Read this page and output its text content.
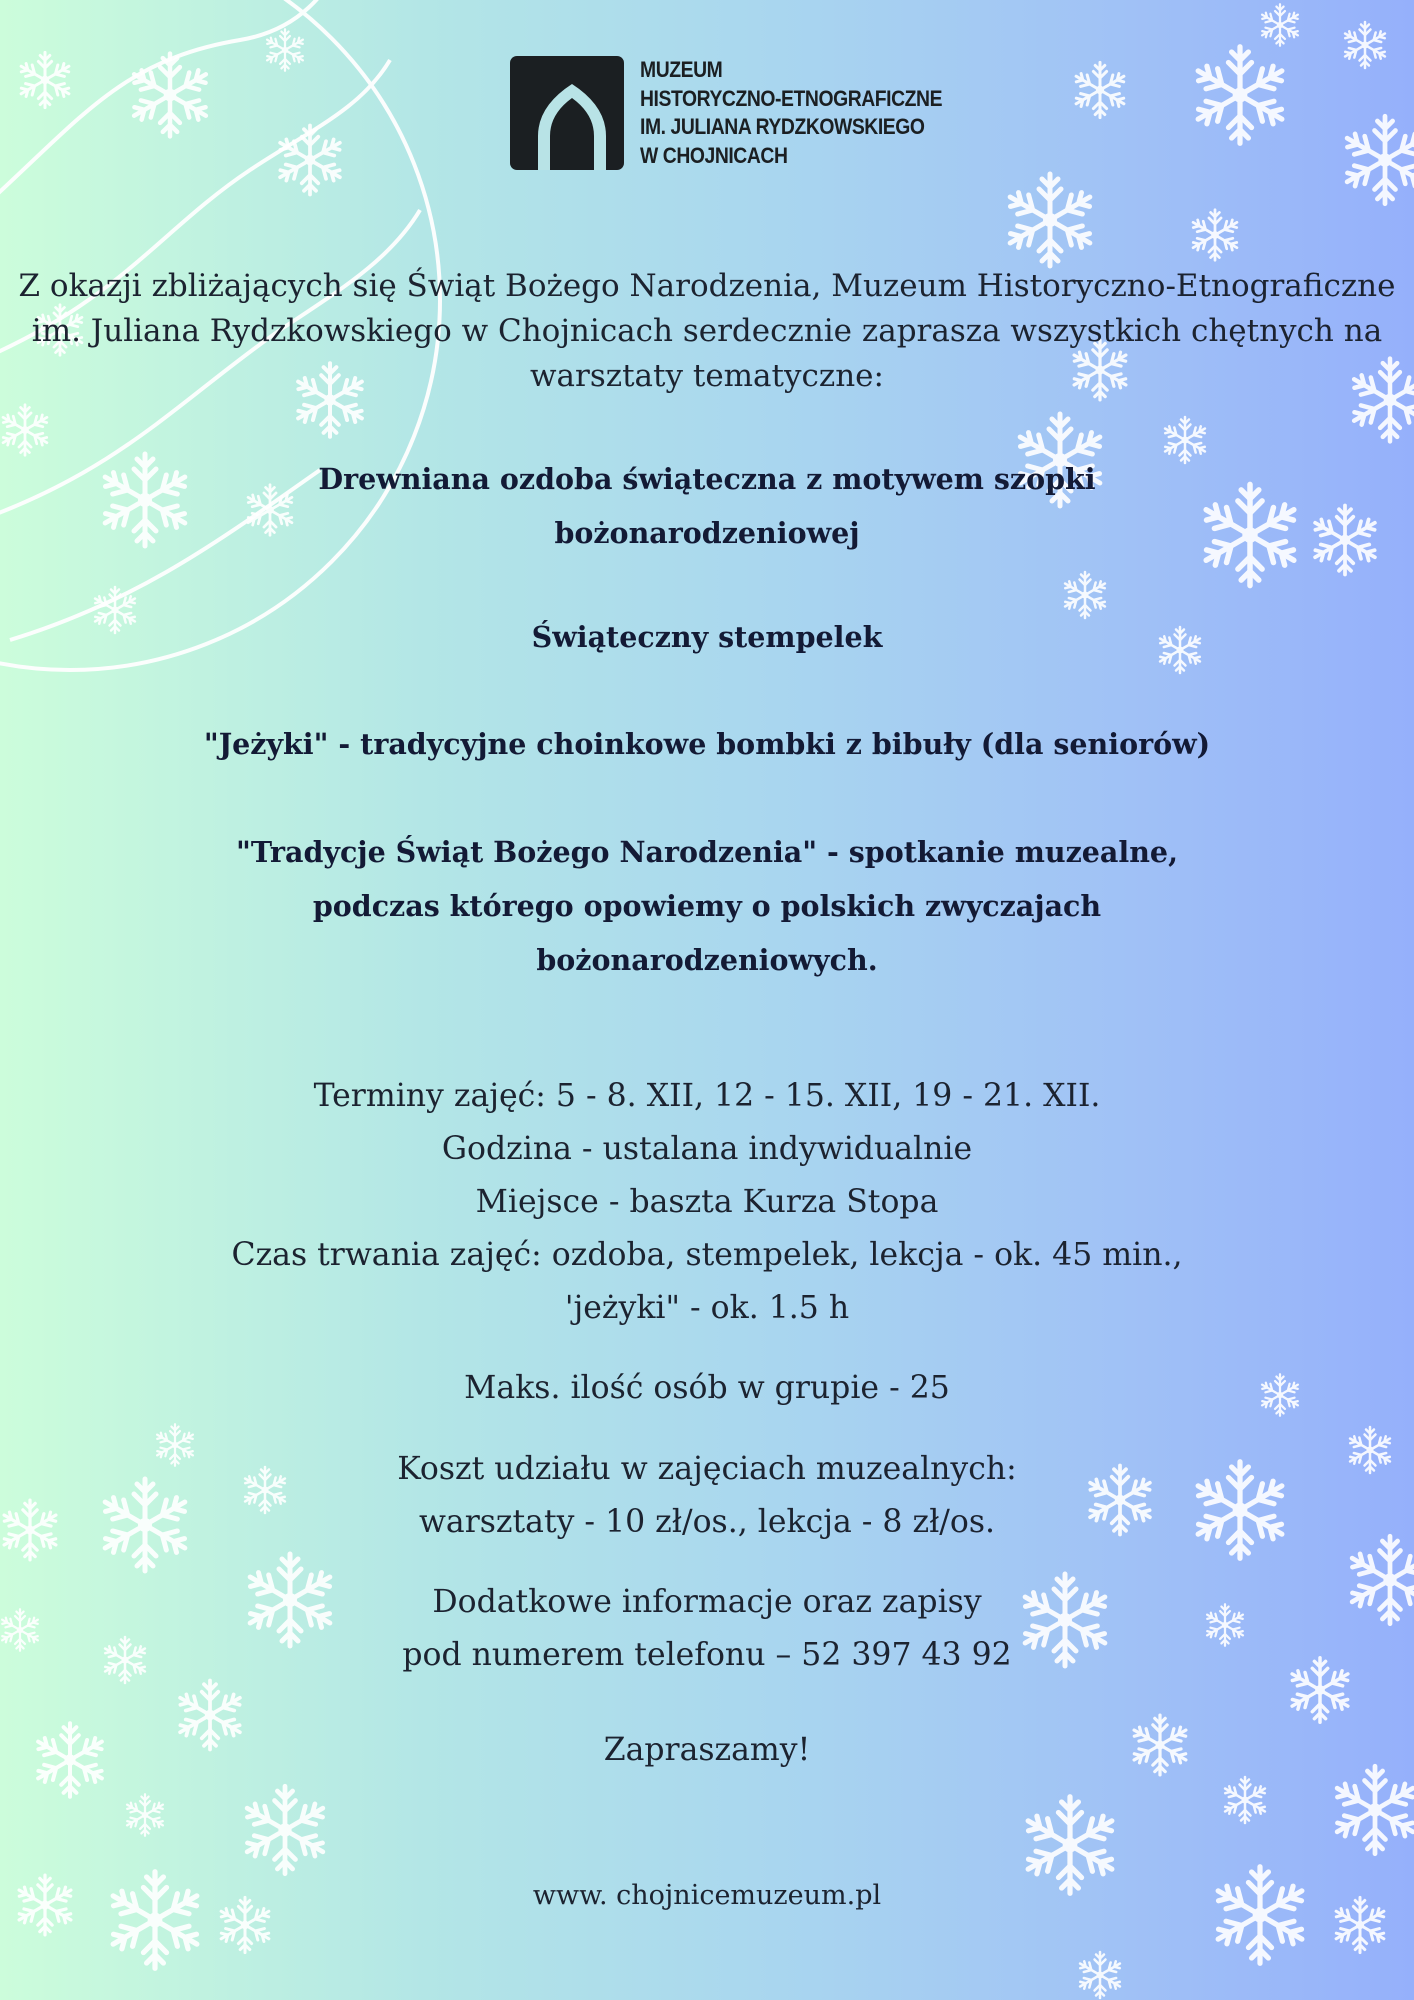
MUZEUM
HISTORYCZNO-ETNOGRAFICZNE
IM. JULIANA RYDZKOWSKIEGO
W CHOJNICACH
Z okazji zbliżających się Świąt Bożego Narodzenia, Muzeum Historyczno-Etnograficzne
im. Juliana Rydzkowskiego w Chojnicach serdecznie zaprasza wszystkich chętnych na
warsztaty tematyczne:
Drewniana ozdoba świąteczna z motywem szopki
bożonarodzeniowej
Świąteczny stempelek
"Jeżyki" - tradycyjne choinkowe bombki z bibuły (dla seniorów)
"Tradycje Świąt Bożego Narodzenia" - spotkanie muzealne,
podczas którego opowiemy o polskich zwyczajach
bożonarodzeniowych.
Terminy zajęć: 5 - 8. XII, 12 - 15. XII, 19 - 21. XII.
Godzina - ustalana indywidualnie
Miejsce - baszta Kurza Stopa
Czas trwania zajęć: ozdoba, stempelek, lekcja - ok. 45 min.,
'jeżyki" - ok. 1.5 h
Maks. ilość osób w grupie - 25
Koszt udziału w zajęciach muzealnych:
warsztaty - 10 zł/os., lekcja - 8 zł/os.
Dodatkowe informacje oraz zapisy
pod numerem telefonu – 52 397 43 92
Zapraszamy!
www. chojnicemuzeum.pl
